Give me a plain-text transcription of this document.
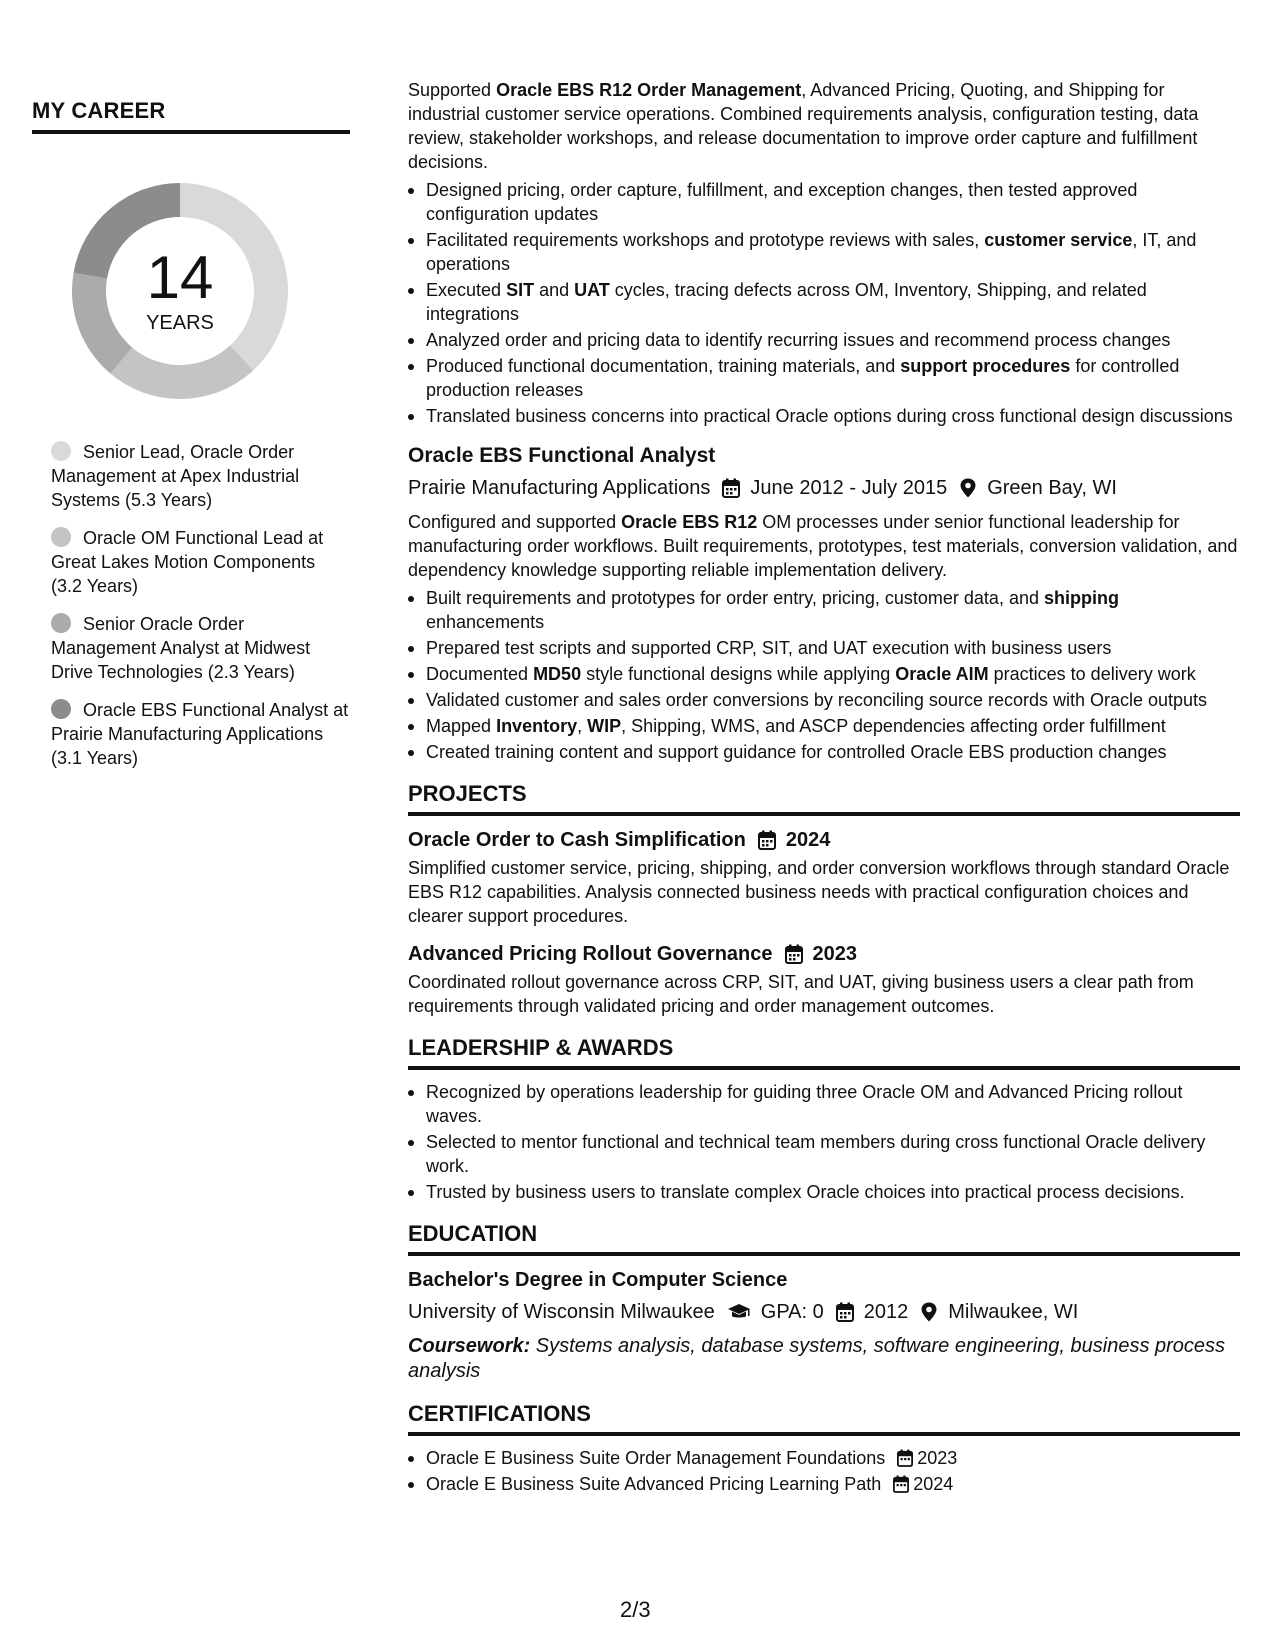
MY CAREER
14
YEARS
Senior Lead, Oracle Order Management at Apex Industrial Systems (5.3 Years)
Oracle OM Functional Lead at Great Lakes Motion Components (3.2 Years)
Senior Oracle Order Management Analyst at Midwest Drive Technologies (2.3 Years)
Oracle EBS Functional Analyst at Prairie Manufacturing Applications (3.1 Years)

Supported Oracle EBS R12 Order Management, Advanced Pricing, Quoting, and Shipping for industrial customer service operations. Combined requirements analysis, configuration testing, data review, stakeholder workshops, and release documentation to improve order capture and fulfillment decisions.

Designed pricing, order capture, fulfillment, and exception changes, then tested approved configuration updates
Facilitated requirements workshops and prototype reviews with sales, customer service, IT, and operations
Executed SIT and UAT cycles, tracing defects across OM, Inventory, Shipping, and related integrations
Analyzed order and pricing data to identify recurring issues and recommend process changes
Produced functional documentation, training materials, and support procedures for controlled production releases
Translated business concerns into practical Oracle options during cross functional design discussions
Oracle EBS Functional Analyst
Prairie Manufacturing Applications June 2012 - July 2015 Green Bay, WI

Configured and supported Oracle EBS R12 OM processes under senior functional leadership for manufacturing order workflows. Built requirements, prototypes, test materials, conversion validation, and dependency knowledge supporting reliable implementation delivery.

Built requirements and prototypes for order entry, pricing, customer data, and shipping enhancements
Prepared test scripts and supported CRP, SIT, and UAT execution with business users
Documented MD50 style functional designs while applying Oracle AIM practices to delivery work
Validated customer and sales order conversions by reconciling source records with Oracle outputs
Mapped Inventory, WIP, Shipping, WMS, and ASCP dependencies affecting order fulfillment
Created training content and support guidance for controlled Oracle EBS production changes
PROJECTS
Oracle Order to Cash Simplification 2024

Simplified customer service, pricing, shipping, and order conversion workflows through standard Oracle EBS R12 capabilities. Analysis connected business needs with practical configuration choices and clearer support procedures.

Advanced Pricing Rollout Governance 2023

Coordinated rollout governance across CRP, SIT, and UAT, giving business users a clear path from requirements through validated pricing and order management outcomes.

LEADERSHIP & AWARDS
Recognized by operations leadership for guiding three Oracle OM and Advanced Pricing rollout waves.
Selected to mentor functional and technical team members during cross functional Oracle delivery work.
Trusted by business users to translate complex Oracle choices into practical process decisions.
EDUCATION
Bachelor's Degree in Computer Science
University of Wisconsin Milwaukee GPA: 0 2012 Milwaukee, WI

Coursework: Systems analysis, database systems, software engineering, business process analysis

CERTIFICATIONS
Oracle E Business Suite Order Management Foundations 2023
Oracle E Business Suite Advanced Pricing Learning Path 2024
2/3
